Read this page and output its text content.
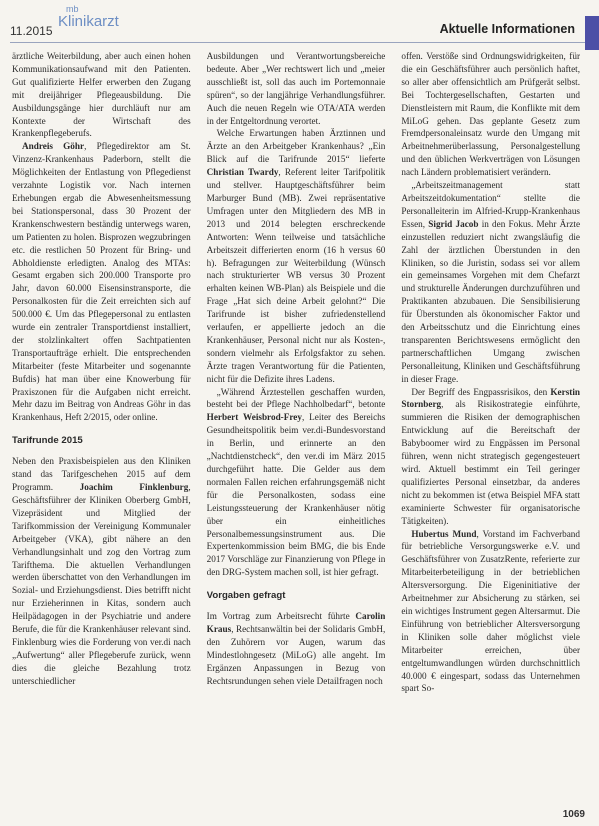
11.2015
mb
Klinikarzt	Aktuelle Informationen

ärztliche Weiterbildung, aber auch einen hohen Kommunikationsaufwand mit den Patienten. Gut qualifizierte Helfer erwerben den Zugang mit dreijähriger Pflegeausbildung. Die Ausbildungsgänge hier durchläuft nur am Kontexte der Wirtschaft des Krankenpflegeberufs.

Andreis Göhr, Pflegedirektor am St. Vinzenz-Krankenhaus Paderborn, stellt die Möglichkeiten der Entlastung von Pflegedienst verzahnte Logistik vor. Nach internen Erhebungen ergab die Abwesenheitsmessung bei Stationspersonal, dass 30 Prozent der Krankenschwestern beständig unterwegs waren, um Patienten zu holen. Bisprozen wegzubringen etc. die restlichen 50 Prozent für Bring- und Abholdienste erledigten. Analog des MTAs: Gesamt ergaben sich 200.000 Transporte pro Jahr, davon 60.000 Eisensinstransporte, die Personalkosten für die Zeit erreichten sich auf 500.000 €. Um das Pflegepersonal zu entlasten wurde ein zentraler Transportdienst installiert, der stolzlinkaltert offen Sachtpatienten Transportaufträge erhielt. Die entsprechenden Mitarbeiter (feste Mitarbeiter und sogenannte Bufdis) hat man über eine Knowerbung für Praxiszonen für die Aufgaben nicht erreicht. Mehr dazu im Beitrag von Andreas Göhr in das Krankenhaus, Heft 2/2015, oder online.

Tarifrunde 2015

Neben den Praxisbeispielen aus den Kliniken stand das Tarifgeschehen 2015 auf dem Programm. Joachim Finklenburg, Geschäftsführer der Kliniken Oberberg GmbH, Vizepräsident und Mitglied der Tarifkommission der Vereinigung Kommunaler Arbeitgeber (VKA), gibt nähere an den Verhandlungsinhalt und zog den Vortrag zum Tarifthema. Die aktuellen Verhandlungen werden überschattet von den Verhandlungen im Sozial- und Erziehungsdienst. Dies betrifft nicht nur Erzieherinnen in Kitas, sondern auch Heilpädagogen in der Psychiatrie und andere Berufe, die für die Krankenhäuser relevant sind. Finklenburg wies die Forderung von ver.di nach „Aufwertung“ aller Pflegeberufe zurück, wenn dies die gleiche Bezahlung trotz unterschiedlicher

Ausbildungen und Verantwortungsbereiche bedeute. Aber „Wer rechtswert lich und „meier ausschließt ist, soll das auch im Portemonnaie spüren“, so der langjährige Verhandlungsführer. Auch die neuen Regeln wie OTA/ATA werden in der Entgeltordnung verortet.

Welche Erwartungen haben Ärztinnen und Ärzte an den Arbeitgeber Krankenhaus? „Ein Blick auf die Tarifrunde 2015“ lieferte Christian Twardy, Referent leiter Tarifpolitik und stellver. Hauptgeschäftsführer beim Marburger Bund (MB). Zwei repräsentative Umfragen unter den Mitgliedern des MB in 2013 und 2014 belegten erschreckende Antworten: Wenn teilweise und tatsächliche Arbeitszeit differierten enorm (16 h versus 60 h). Befragungen zur Weiterbildung (Wünsch nach strukturierter WB versus 30 Prozent erhalten keinen WB-Plan) als Beispiele und die Frage „Hat sich deine Arbeit gelohnt?“ Die Tarifrunde ist bisher zufriedenstellend verlaufen, er appellierte jedoch an die Krankenhäuser, Personal nicht nur als Kosten-, sondern vielmehr als Erfolgsfaktor zu sehen. Ärzte tragen Verantwortung für die Patienten, nicht für die Defizite ihres Ladens.

„Während Ärztestellen geschaffen wurden, besteht bei der Pflege Nachholbedarf“, betonte Herbert Weisbrod-Frey, Leiter des Bereichs Gesundheitspolitik beim ver.di-Bundesvorstand in Berlin, und erinnerte an den „Nachtdienstcheck“, den ver.di im März 2015 durchgeführt hatte. Die Gelder aus dem normalen Fallen reichen erfahrungsgemäß nicht für die Personalkosten, sodass eine Leistungssteuerung der Krankenhäuser nötig über ein einheitliches Personalbemessungsinstrument aus. Die Expertenkommission beim BMG, die bis Ende 2017 Vorschläge zur Finanzierung von Pflege in den DRG-System machen soll, ist hier gefragt.

Vorgaben gefragt

Im Vortrag zum Arbeitsrecht führte Carolin Kraus, Rechtsanwältin bei der Solidaris GmbH, den Zuhörern vor Augen, warum das Mindestlohngesetz (MiLoG) alle angeht. Im Ergänzen Anpassungen in Bezug von Rechtsrundungen sehen viele Detailfragen noch

offen. Verstöße sind Ordnungswidrigkeiten, für die ein Geschäftsführer auch persönlich haftet, so aller aber offensichtlich am Prüfgerät selbst. Bei Tochtergesellschaften, Gestarten und Dienstleistern mit Raum, die Konflikte mit dem MiLoG gehen. Das geplante Gesetz zum Fremdpersonaleinsatz wurde den Umgang mit Arbeitnehmerüberlassung, Personalgestellung und den üblichen Werkverträgen von Lösungen nach Ländern problematisiert verändern.

„Arbeitszeitmanagement statt Arbeitszeitdokumentation“ stellte die Personalleiterin im Alfried-Krupp-Krankenhaus Essen, Sigrid Jacob in den Fokus. Mehr Ärzte einzustellen reduziert nicht zwangsläufig die Zahl der ärztlichen Überstunden in den Kliniken, so die Juristin, sodass sei vor allem ein gemeinsames Vorgehen mit dem Chefarzt und strukturelle Änderungen durchzuführen und Praktikanten abzubauen. Die Sensibilisierung für Überstunden als ökonomischer Faktor und den Arbeitsschutz und die Einrichtung eines transparenten Berichtswesens ermöglicht den partnerschaftlichen Umgang zwischen Personalleitung, Kliniken und Geschäftsführung in dieser Frage.

Der Begriff des Engpassrisikos, den Kerstin Stornberg, als Risikostrategie einführte, summieren die Risiken der demographischen Entwicklung auf die Bereitschaft der Babyboomer wird zu Engpässen im Personal führen, wenn nicht strategisch gegengesteuert wird. Aktuell bestimmt ein Teil geringer qualifiziertes Personal einsetzbar, da anderes nicht zu bekommen ist (etwa Beispiel MFA statt examinierte Schwester für organisatorische Tätigkeiten).

Hubertus Mund, Vorstand im Fachverband für betriebliche Versorgungswerke e.V. und Geschäftsführer von ZusatzRente, referierte zur Mitarbeiterbeteiligung in der betrieblichen Altersversorgung. Die Eigeninitiative der Arbeitnehmer zur Absicherung zu stärken, sei ein wichtiges Instrument gegen Altersarmut. Die Einführung von betrieblicher Altersversorgung in Kliniken solle daher möglichst viele Mitarbeiter erreichen, über entgeltumwandlungen würden durchschnittlich 40.000 € eingespart, sodass das Unternehmen spart So-

1069
